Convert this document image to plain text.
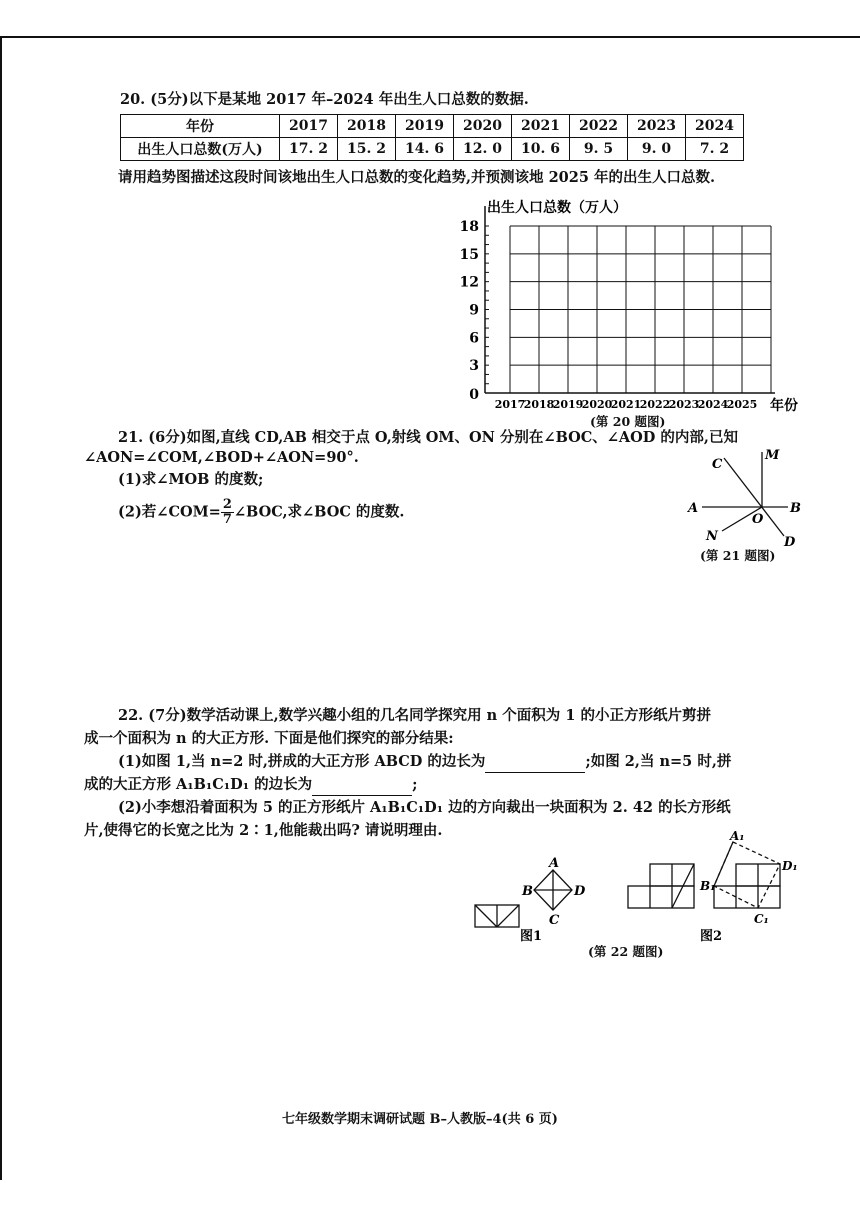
20. (5分)以下是某地 2017 年–2024 年出生人口总数的数据.
年份	2017	2018	2019	2020	2021	2022	2023	2024
出生人口总数(万人)	17. 2	15. 2	14. 6	12. 0	10. 6	9. 5	9. 0	7. 2
请用趋势图描述这段时间该地出生人口总数的变化趋势,并预测该地 2025 年的出生人口总数.
0
3
6
9
12
15
18
2017
2018
2019
2020
2021
2022
2023
2024
2025
出生人口总数（万人）
年份
(第 20 题图)
21. (6分)如图,直线 CD,AB 相交于点 O,射线 OM、ON 分别在∠BOC、∠AOD 的内部,已知
∠AON=∠COM,∠BOD+∠AON=90°.
(1)求∠MOB 的度数;
(2)若∠COM= $\frac{2}{7}$ ∠BOC,求∠BOC 的度数.
C
M
A
O
B
N	D
(第 21 题图)
22. (7分)数学活动课上,数学兴趣小组的几名同学探究用 n 个面积为 1 的小正方形纸片剪拼
成一个面积为 n 的大正方形. 下面是他们探究的部分结果:
(1)如图 1,当 n=2 时,拼成的大正方形 ABCD 的边长为	;如图 2,当 n=5 时,拼
成的大正方形 A₁B₁C₁D₁ 的边长为	;
(2)小李想沿着面积为 5 的正方形纸片 A₁B₁C₁D₁ 边的方向裁出一块面积为 2. 42 的长方形纸
片,使得它的长宽之比为 2∶1,他能裁出吗? 请说明理由.
A
B
C
D
图1
A₁
B₁
C₁
D₁
图2
(第 22 题图)
七年级数学期末调研试题 B–人教版–4(共 6 页)
